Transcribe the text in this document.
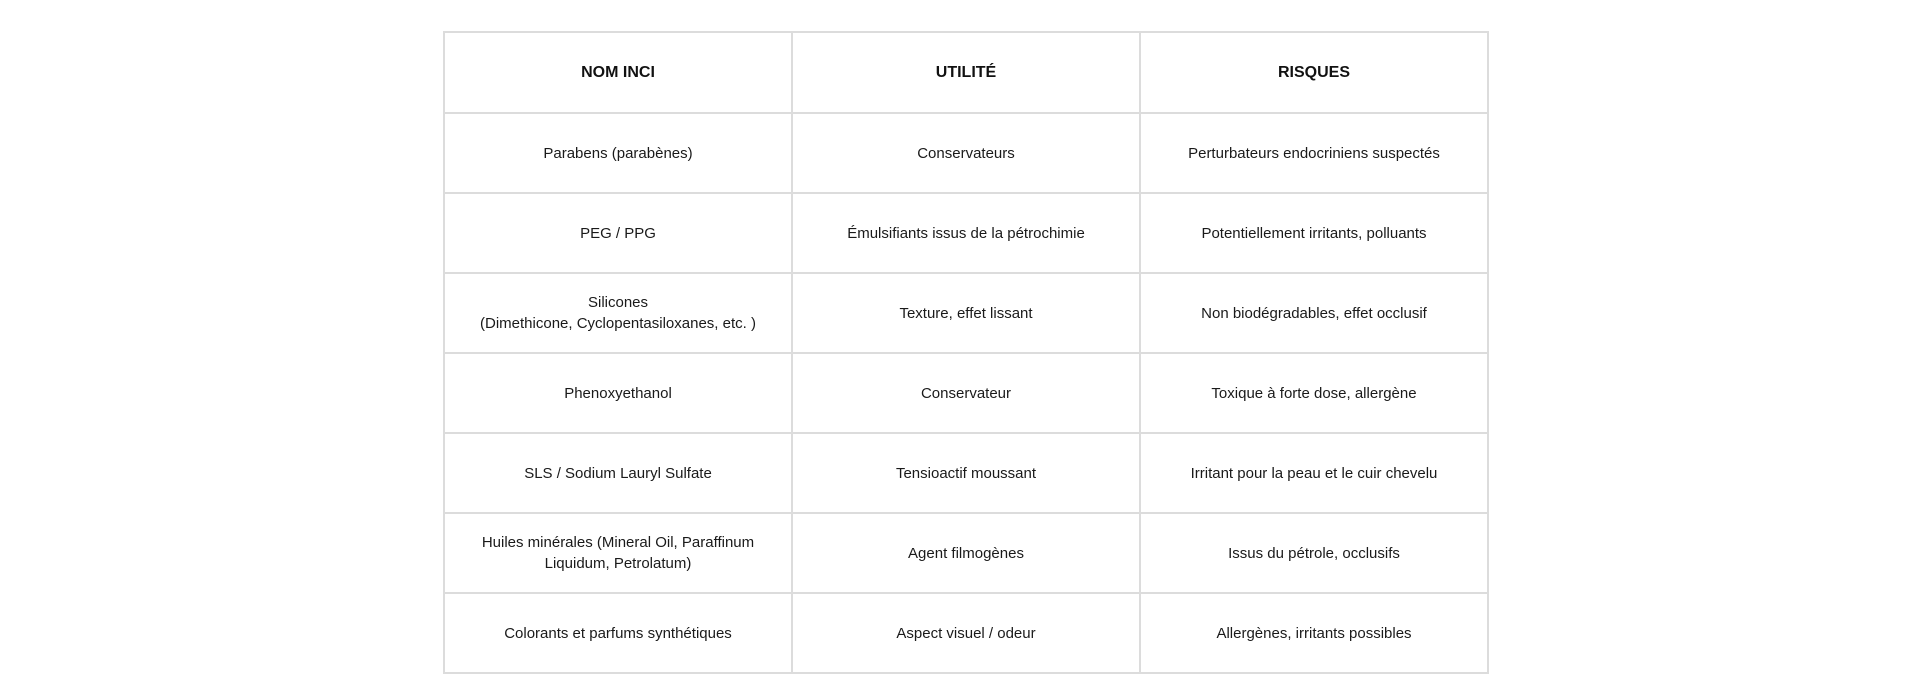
NOM INCI	UTILITÉ	RISQUES

Parabens (parabènes)	Conservateurs	Perturbateurs endocriniens suspectés

PEG / PPG	Émulsifiants issus de la pétrochimie	Potentiellement irritants, polluants

Silicones
(Dimethicone, Cyclopentasiloxanes, etc. )	Texture, effet lissant	Non biodégradables, effet occlusif

Phenoxyethanol	Conservateur	Toxique à forte dose, allergène

SLS / Sodium Lauryl Sulfate	Tensioactif moussant	Irritant pour la peau et le cuir chevelu

Huiles minérales (Mineral Oil, Paraffinum
Liquidum, Petrolatum)	Agent filmogènes	Issus du pétrole, occlusifs

Colorants et parfums synthétiques	Aspect visuel / odeur	Allergènes, irritants possibles
